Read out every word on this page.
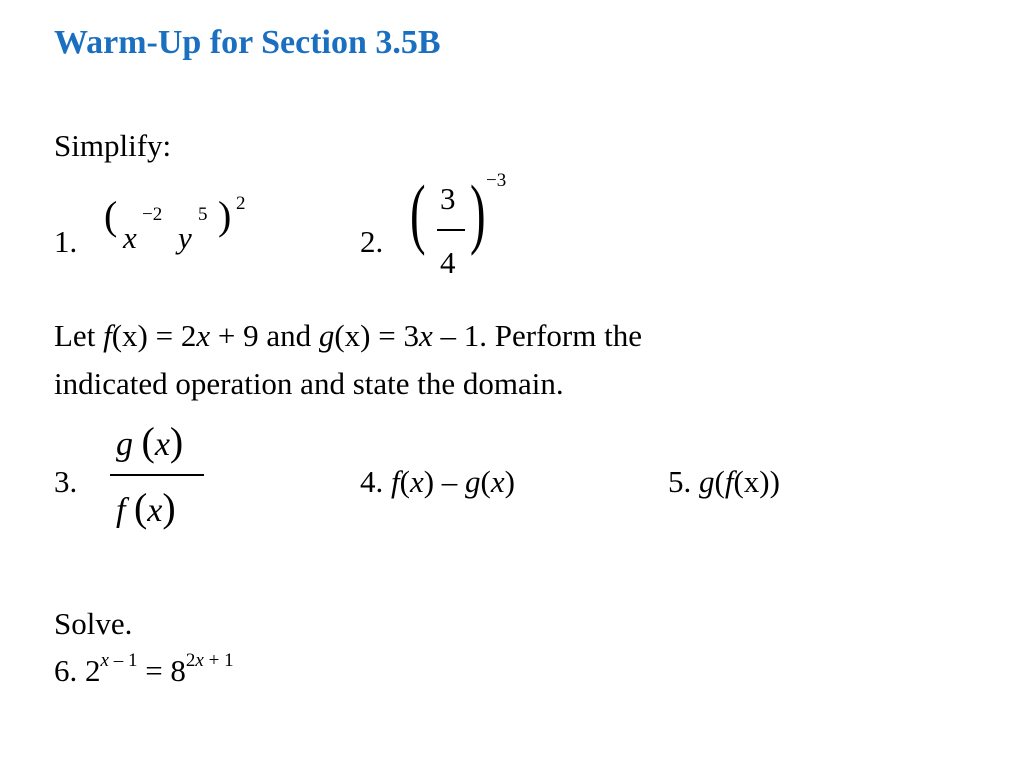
Warm-Up for Section 3.5B
Simplify:
1.
( x
−2
y
5 ) 2
2. ( 3
4
) −3
Let f(x) = 2x + 9 and g(x) = 3x – 1. Perform the
indicated operation and state the domain.
3.
g (x)
f (x)
4. f(x) – g(x)	5. g(f(x))
Solve.
6. $2^{x - 1} = 8^{2x + 1}$
